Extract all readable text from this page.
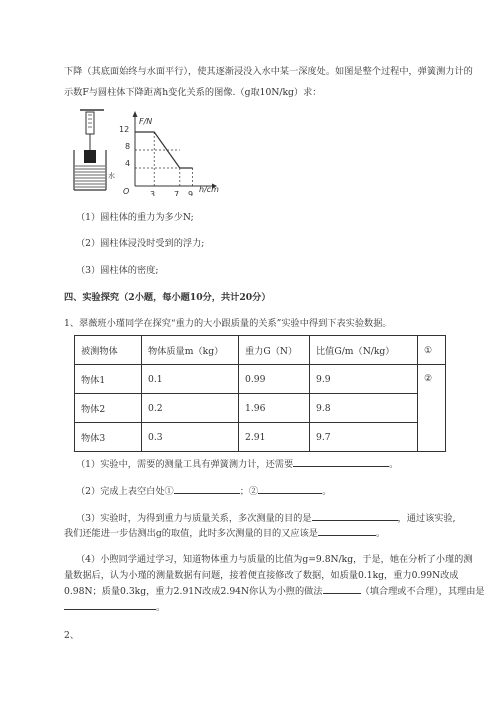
下降（其底面始终与水面平行），使其逐渐浸没入水中某一深度处。如图是整个过程中，弹簧测力计的
示数F与圆柱体下降距离h变化关系的图像.（g取10N/kg）求：
水
F/N
h/cm
O
12
8
4
3 7 9
（1）圆柱体的重力为多少N;
（2）圆柱体浸没时受到的浮力;
（3）圆柱体的密度;
四、实验探究（2小题，每小题10分，共计20分）
1、翠薇班小瑾同学在探究“重力的大小跟质量的关系”实验中得到下表实验数据。
被测物体	物体质量m（kg）	重力G（N）	比值G/m（N/kg）	①
物体1	0.1	0.99	9.9	②
物体2	0.2	1.96	9.8	
物体3	0.3	2.91	9.7	
（1）实验中，需要的测量工具有弹簧测力计，还需要	。
（2）完成上表空白处①	；②	。
（3）实验时，为得到重力与质量关系，多次测量的目的是	，通过该实验,
我们还能进一步估测出g的取值，此时多次测量的目的又应该是	。
（4）小煦同学通过学习，知道物体重力与质量的比值为g=9.8N/kg，于是，她在分析了小瑾的测
量数据后，认为小瑾的测量数据有问题，接着便直接修改了数据，如质量0.1kg，重力0.99N改成
0.98N；质量0.3kg，重力2.91N改成2.94N你认为小煦的做法	（填合理或不合理），其理由是
。
2、
